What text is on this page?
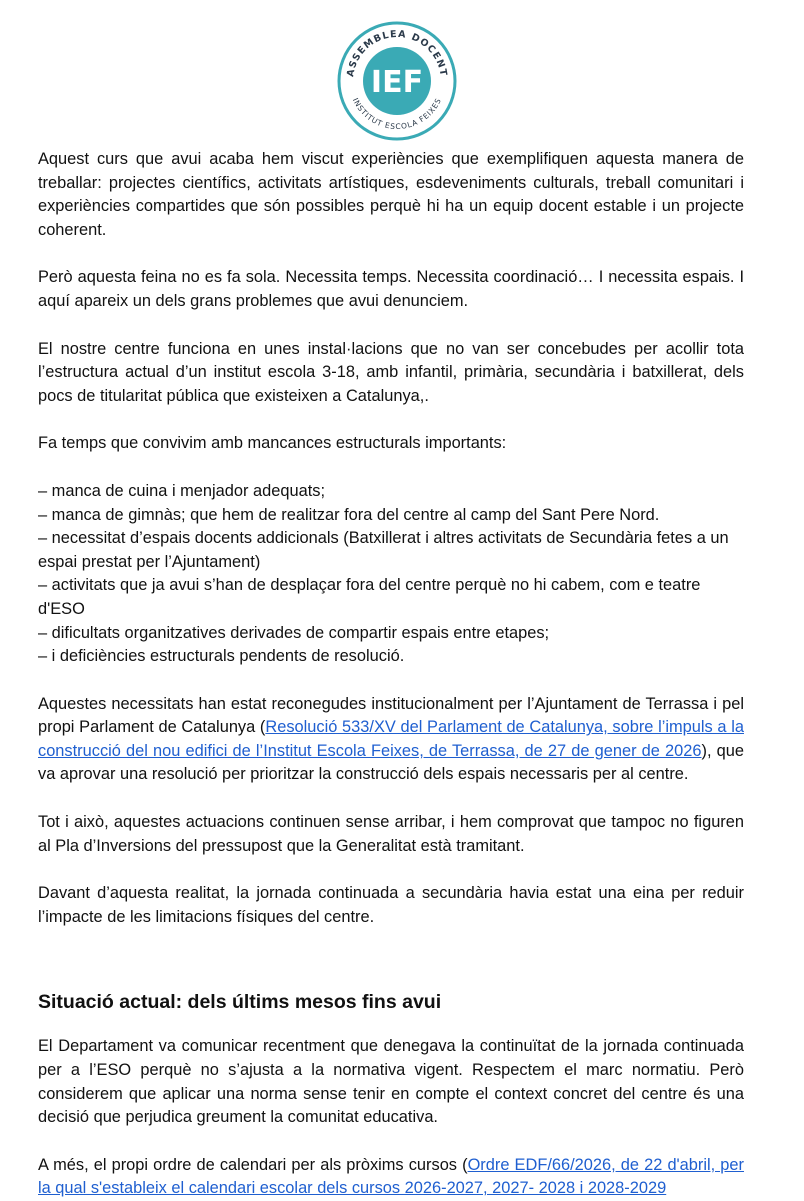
ASSEMBLEA DOCENT
INSTITUT ESCOLA FEIXES
IEF

Aquest curs que avui acaba hem viscut experiències que exemplifiquen aquesta manera de treballar: projectes científics, activitats artístiques, esdeveniments culturals, treball comunitari i experiències compartides que són possibles perquè hi ha un equip docent estable i un projecte coherent.

Però aquesta feina no es fa sola. Necessita temps. Necessita coordinació… I necessita espais. I aquí apareix un dels grans problemes que avui denunciem.

El nostre centre funciona en unes instal·lacions que no van ser concebudes per acollir tota l’estructura actual d’un institut escola 3-18, amb infantil, primària, secundària i batxillerat, dels pocs de titularitat pública que existeixen a Catalunya,.

Fa temps que convivim amb mancances estructurals importants:

– manca de cuina i menjador adequats;
– manca de gimnàs; que hem de realitzar fora del centre al camp del Sant Pere Nord.
– necessitat d’espais docents addicionals (Batxillerat i altres activitats de Secundària fetes a un espai prestat per l’Ajuntament)
– activitats que ja avui s’han de desplaçar fora del centre perquè no hi cabem, com e teatre d'ESO
– dificultats organitzatives derivades de compartir espais entre etapes;
– i deficiències estructurals pendents de resolució.

Aquestes necessitats han estat reconegudes institucionalment per l’Ajuntament de Terrassa i pel propi Parlament de Catalunya (Resolució 533/XV del Parlament de Catalunya, sobre l’impuls a la construcció del nou edifici de l’Institut Escola Feixes, de Terrassa, de 27 de gener de 2026), que va aprovar una resolució per prioritzar la construcció dels espais necessaris per al centre.

Tot i això, aquestes actuacions continuen sense arribar, i hem comprovat que tampoc no figuren al Pla d’Inversions del pressupost que la Generalitat està tramitant.

Davant d’aquesta realitat, la jornada continuada a secundària havia estat una eina per reduir l’impacte de les limitacions físiques del centre.

Situació actual: dels últims mesos fins avui

El Departament va comunicar recentment que denegava la continuïtat de la jornada continuada per a l’ESO perquè no s’ajusta a la normativa vigent. Respectem el marc normatiu. Però considerem que aplicar una norma sense tenir en compte el context concret del centre és una decisió que perjudica greument la comunitat educativa.

A més, el propi ordre de calendari per als pròxims cursos (Ordre EDF/66/2026, de 22 d'abril, per la qual s'estableix el calendari escolar dels cursos 2026-2027, 2027- 2028 i 2028-2029
